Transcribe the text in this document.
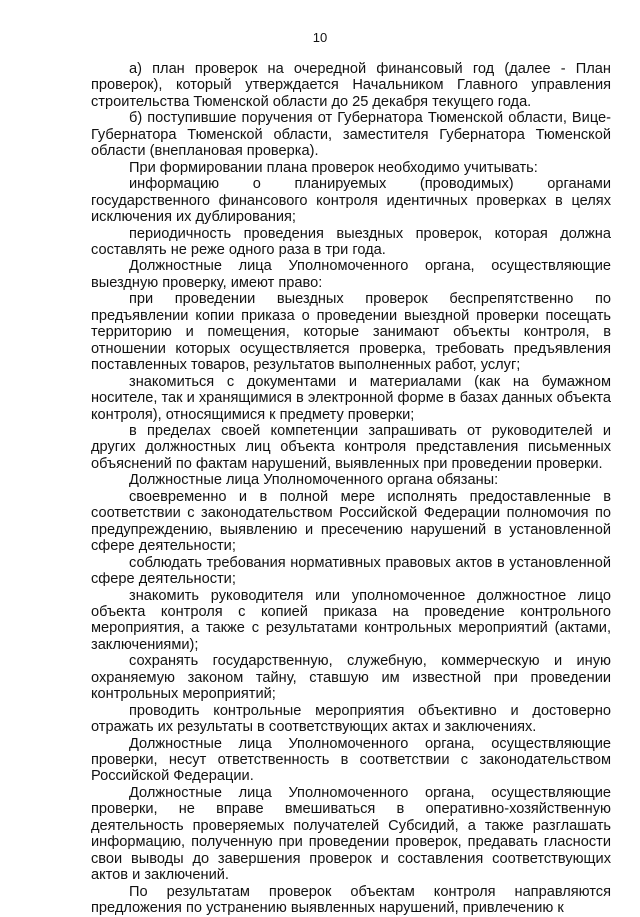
10

а) план проверок на очередной финансовый год (далее - План проверок), который утверждается Начальником Главного управления строительства Тюменской области до 25 декабря текущего года.

б) поступившие поручения от Губернатора Тюменской области, Вице-Губернатора Тюменской области, заместителя Губернатора Тюменской области (внеплановая проверка).

При формировании плана проверок необходимо учитывать:

информацию о планируемых (проводимых) органами государственного финансового контроля идентичных проверках в целях исключения их дублирования;

периодичность проведения выездных проверок, которая должна составлять не реже одного раза в три года.

Должностные лица Уполномоченного органа, осуществляющие выездную проверку, имеют право:

при проведении выездных проверок беспрепятственно по предъявлении копии приказа о проведении выездной проверки посещать территорию и помещения, которые занимают объекты контроля, в отношении которых осуществляется проверка, требовать предъявления поставленных товаров, результатов выполненных работ, услуг;

знакомиться с документами и материалами (как на бумажном носителе, так и хранящимися в электронной форме в базах данных объекта контроля), относящимися к предмету проверки;

в пределах своей компетенции запрашивать от руководителей и других должностных лиц объекта контроля представления письменных объяснений по фактам нарушений, выявленных при проведении проверки.

Должностные лица Уполномоченного органа обязаны:

своевременно и в полной мере исполнять предоставленные в соответствии с законодательством Российской Федерации полномочия по предупреждению, выявлению и пресечению нарушений в установленной сфере деятельности;

соблюдать требования нормативных правовых актов в установленной сфере деятельности;

знакомить руководителя или уполномоченное должностное лицо объекта контроля с копией приказа на проведение контрольного мероприятия, а также с результатами контрольных мероприятий (актами, заключениями);

сохранять государственную, служебную, коммерческую и иную охраняемую законом тайну, ставшую им известной при проведении контрольных мероприятий;

проводить контрольные мероприятия объективно и достоверно отражать их результаты в соответствующих актах и заключениях.

Должностные лица Уполномоченного органа, осуществляющие проверки, несут ответственность в соответствии с законодательством Российской Федерации.

Должностные лица Уполномоченного органа, осуществляющие проверки, не вправе вмешиваться в оперативно-хозяйственную деятельность проверяемых получателей Субсидий, а также разглашать информацию, полученную при проведении проверок, предавать гласности свои выводы до завершения проверок и составления соответствующих актов и заключений.

По результатам проверок объектам контроля направляются предложения по устранению выявленных нарушений, привлечению к
